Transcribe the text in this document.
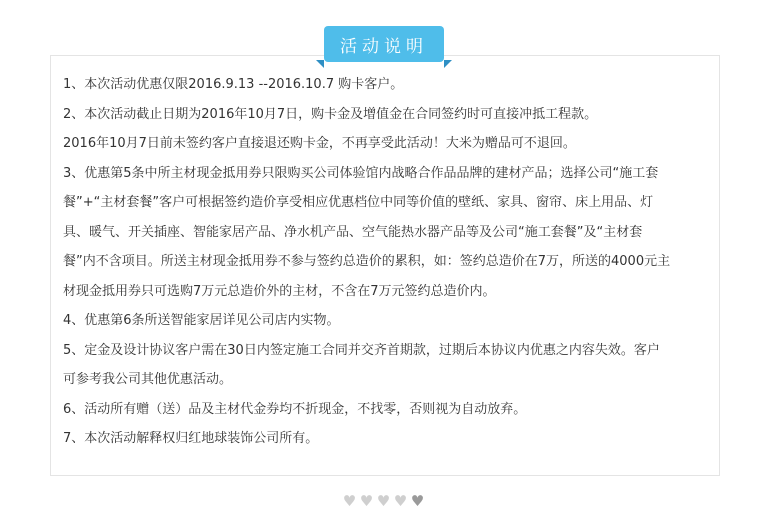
活动说明
1、本次活动优惠仅限2016.9.13 --2016.10.7 购卡客户。
2、本次活动截止日期为2016年10月7日，购卡金及增值金在合同签约时可直接冲抵工程款。
2016年10月7日前未签约客户直接退还购卡金，不再享受此活动！大米为赠品可不退回。
3、优惠第5条中所主材现金抵用券只限购买公司体验馆内战略合作品品牌的建材产品；选择公司“施工套
餐”+“主材套餐”客户可根据签约造价享受相应优惠档位中同等价值的壁纸、家具、窗帘、床上用品、灯
具、暖气、开关插座、智能家居产品、净水机产品、空气能热水器产品等及公司“施工套餐”及“主材套
餐”内不含项目。所送主材现金抵用券不参与签约总造价的累积，如：签约总造价在7万，所送的4000元主
材现金抵用券只可选购7万元总造价外的主材，不含在7万元签约总造价内。
4、优惠第6条所送智能家居详见公司店内实物。
5、定金及设计协议客户需在30日内签定施工合同并交齐首期款，过期后本协议内优惠之内容失效。客户
可参考我公司其他优惠活动。
6、活动所有赠（送）品及主材代金券均不折现金，不找零，否则视为自动放弃。
7、本次活动解释权归红地球装饰公司所有。
♥ ♥ ♥ ♥ ♥
